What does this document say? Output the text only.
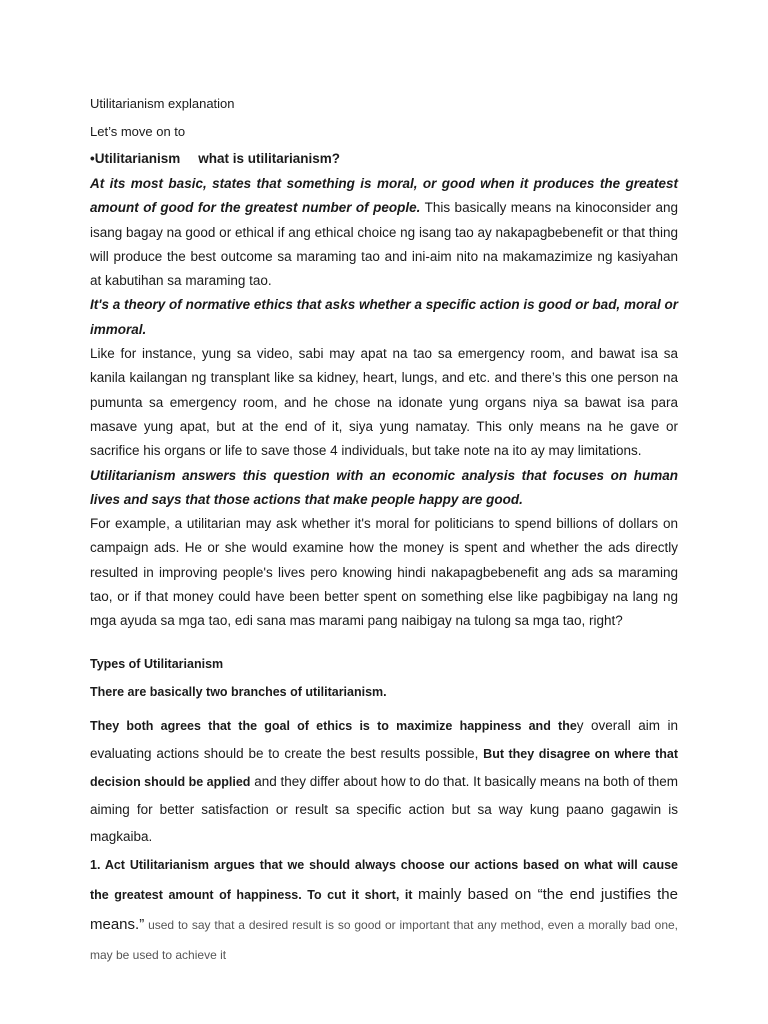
Utilitarianism explanation

Let’s move on to

•Utilitarianism what is utilitarianism?

At its most basic, states that something is moral, or good when it produces the greatest amount of good for the greatest number of people. This basically means na kinoconsider ang isang bagay na good or ethical if ang ethical choice ng isang tao ay nakapagbebenefit or that thing will produce the best outcome sa maraming tao and ini-aim nito na makamazimize ng kasiyahan at kabutihan sa maraming tao.

It's a theory of normative ethics that asks whether a specific action is good or bad, moral or immoral.

Like for instance, yung sa video, sabi may apat na tao sa emergency room, and bawat isa sa kanila kailangan ng transplant like sa kidney, heart, lungs, and etc. and there’s this one person na pumunta sa emergency room, and he chose na idonate yung organs niya sa bawat isa para masave yung apat, but at the end of it, siya yung namatay. This only means na he gave or sacrifice his organs or life to save those 4 individuals, but take note na ito ay may limitations.

Utilitarianism answers this question with an economic analysis that focuses on human lives and says that those actions that make people happy are good.

For example, a utilitarian may ask whether it's moral for politicians to spend billions of dollars on campaign ads. He or she would examine how the money is spent and whether the ads directly resulted in improving people's lives pero knowing hindi nakapagbebenefit ang ads sa maraming tao, or if that money could have been better spent on something else like pagbibigay na lang ng mga ayuda sa mga tao, edi sana mas marami pang naibigay na tulong sa mga tao, right?

Types of Utilitarianism

There are basically two branches of utilitarianism.

They both agrees that the goal of ethics is to maximize happiness and they overall aim in evaluating actions should be to create the best results possible, But they disagree on where that decision should be applied and they differ about how to do that. It basically means na both of them aiming for better satisfaction or result sa specific action but sa way kung paano gagawin is magkaiba.

1. Act Utilitarianism argues that we should always choose our actions based on what will cause the greatest amount of happiness. To cut it short, it mainly based on “the end justifies the means.” used to say that a desired result is so good or important that any method, even a morally bad one, may be used to achieve it
